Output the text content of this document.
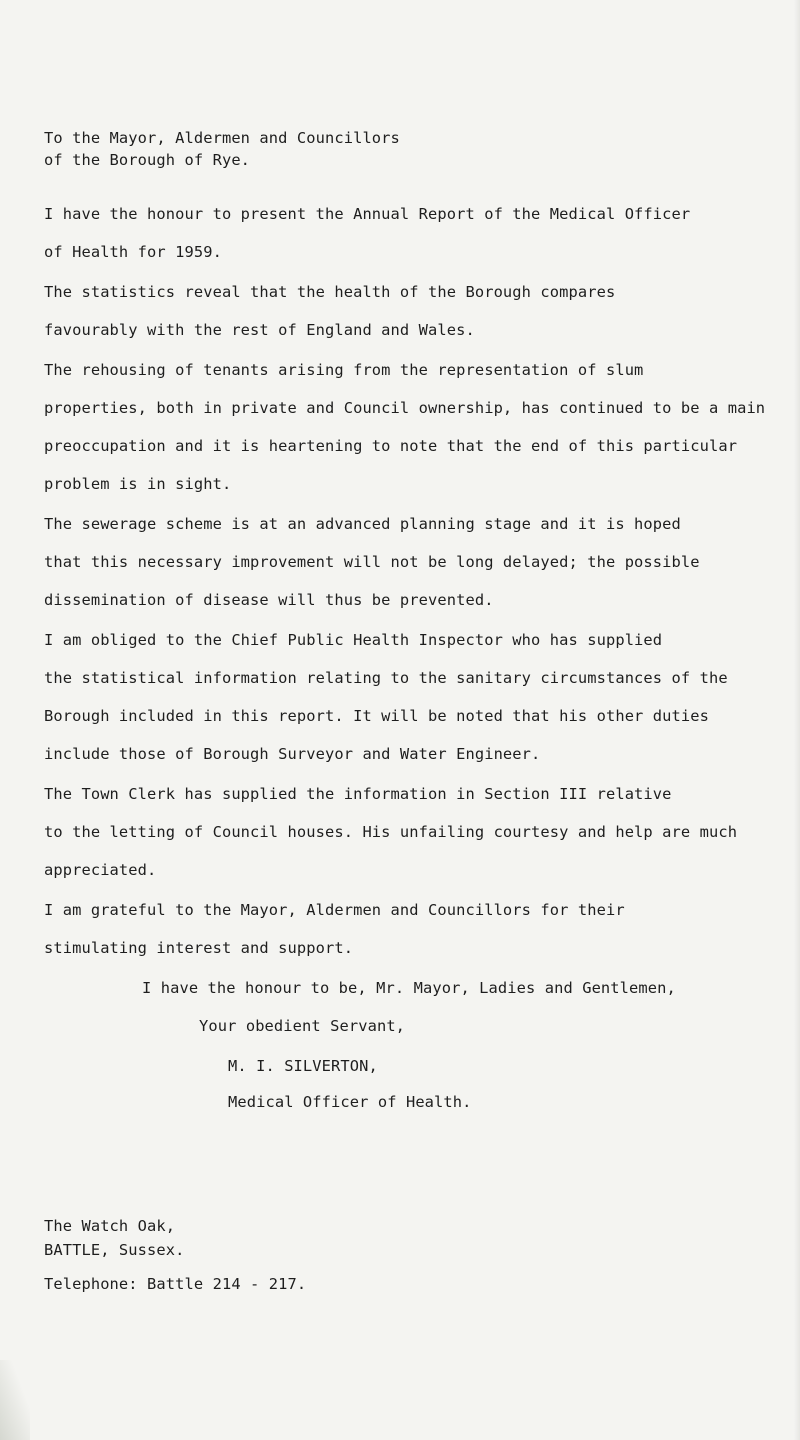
To the Mayor, Aldermen and Councillors
of the Borough of Rye.
I have the honour to present the Annual Report of the Medical Officer
of Health for 1959.
The statistics reveal that the health of the Borough compares
favourably with the rest of England and Wales.
The rehousing of tenants arising from the representation of slum
properties, both in private and Council ownership, has continued to be a main
preoccupation and it is heartening to note that the end of this particular
problem is in sight.
The sewerage scheme is at an advanced planning stage and it is hoped
that this necessary improvement will not be long delayed; the possible
dissemination of disease will thus be prevented.
I am obliged to the Chief Public Health Inspector who has supplied
the statistical information relating to the sanitary circumstances of the
Borough included in this report. It will be noted that his other duties
include those of Borough Surveyor and Water Engineer.
The Town Clerk has supplied the information in Section III relative
to the letting of Council houses. His unfailing courtesy and help are much
appreciated.
I am grateful to the Mayor, Aldermen and Councillors for their
stimulating interest and support.
I have the honour to be, Mr. Mayor, Ladies and Gentlemen,
Your obedient Servant,
M. I. SILVERTON,
Medical Officer of Health.
The Watch Oak,
BATTLE, Sussex.
Telephone: Battle 214 - 217.
